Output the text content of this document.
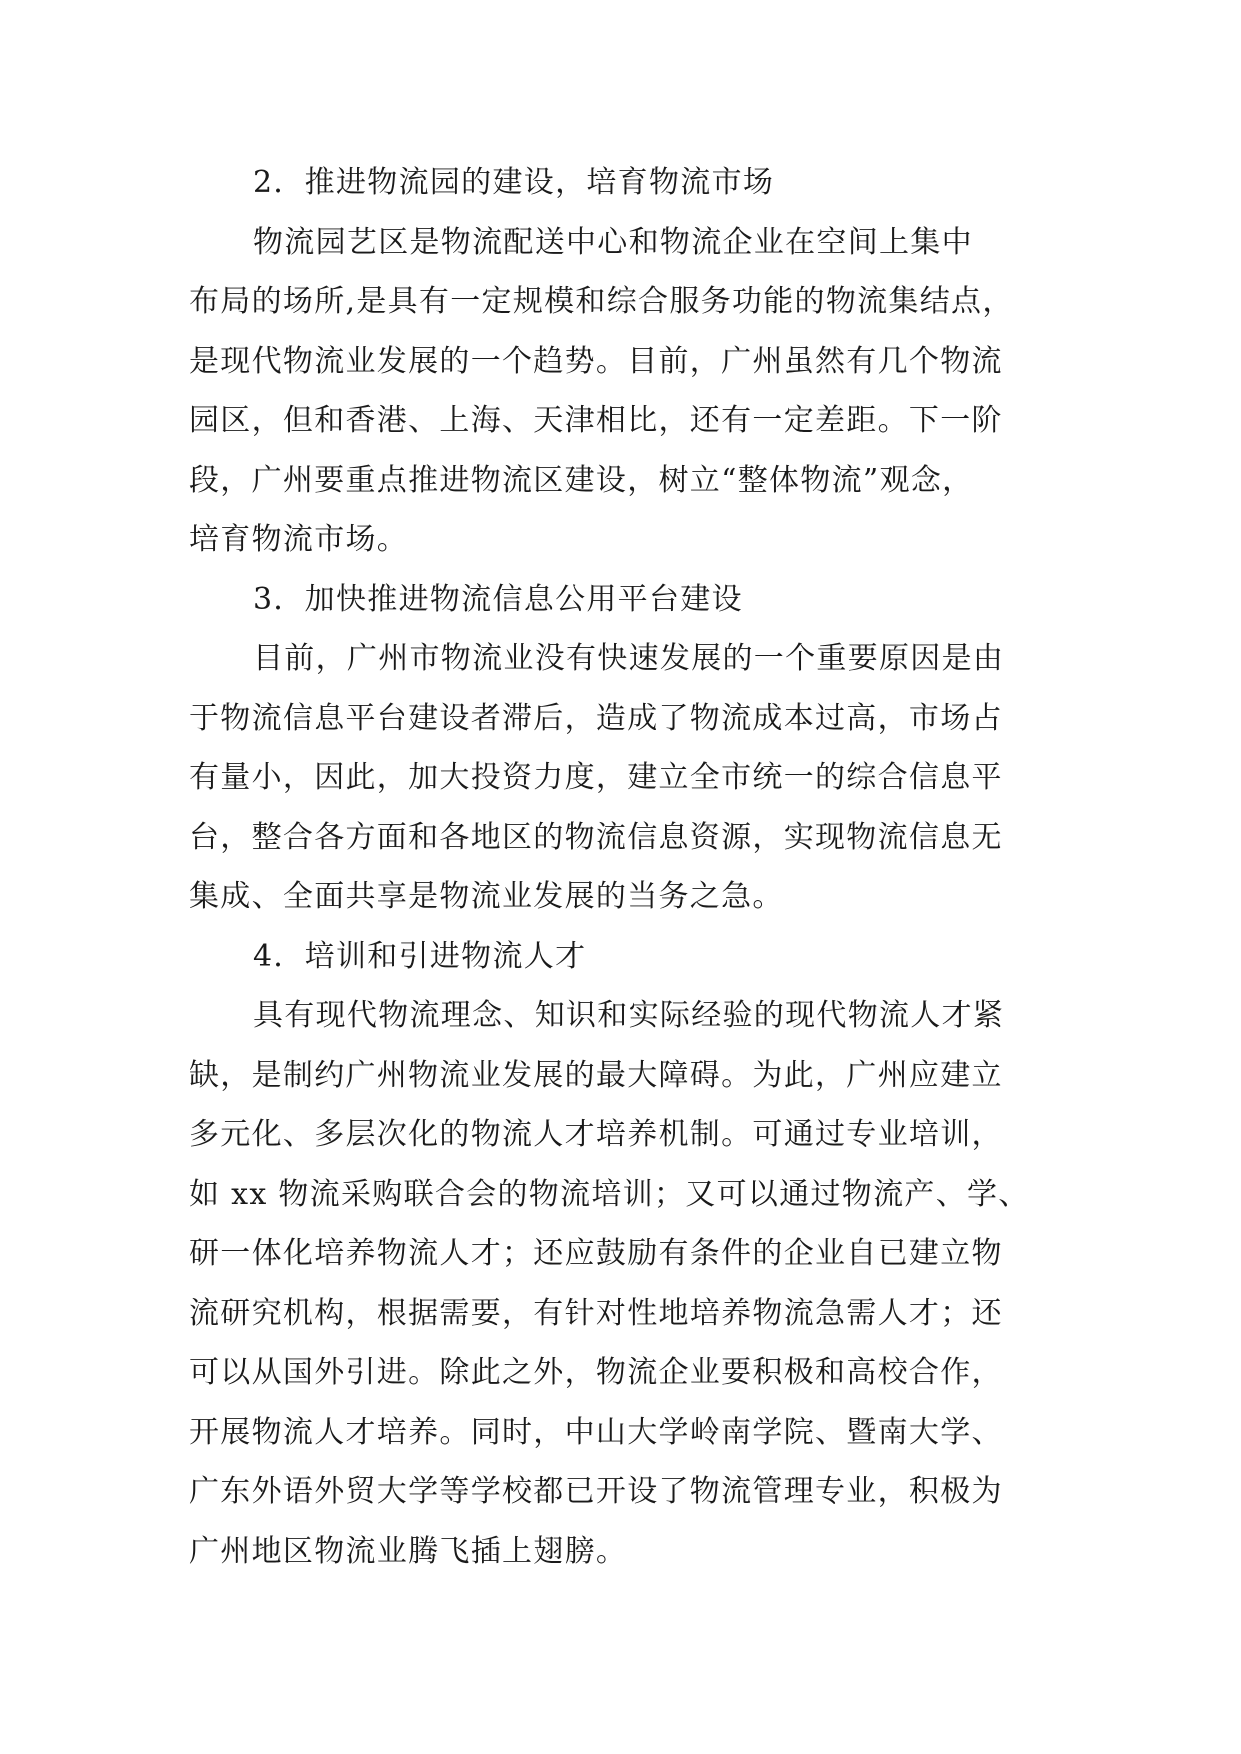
2．推进物流园的建设，培育物流市场
物流园艺区是物流配送中心和物流企业在空间上集中
布局的场所,是具有一定规模和综合服务功能的物流集结点，
是现代物流业发展的一个趋势。目前，广州虽然有几个物流
园区，但和香港、上海、天津相比，还有一定差距。下一阶
段，广州要重点推进物流区建设，树立“整体物流”观念，
培育物流市场。
3．加快推进物流信息公用平台建设
目前，广州市物流业没有快速发展的一个重要原因是由
于物流信息平台建设者滞后，造成了物流成本过高，市场占
有量小，因此，加大投资力度，建立全市统一的综合信息平
台，整合各方面和各地区的物流信息资源，实现物流信息无
集成、全面共享是物流业发展的当务之急。
4．培训和引进物流人才
具有现代物流理念、知识和实际经验的现代物流人才紧
缺，是制约广州物流业发展的最大障碍。为此，广州应建立
多元化、多层次化的物流人才培养机制。可通过专业培训，
如 xx 物流采购联合会的物流培训；又可以通过物流产、学、
研一体化培养物流人才；还应鼓励有条件的企业自已建立物
流研究机构，根据需要，有针对性地培养物流急需人才；还
可以从国外引进。除此之外，物流企业要积极和高校合作，
开展物流人才培养。同时，中山大学岭南学院、暨南大学、
广东外语外贸大学等学校都已开设了物流管理专业，积极为
广州地区物流业腾飞插上翅膀。
